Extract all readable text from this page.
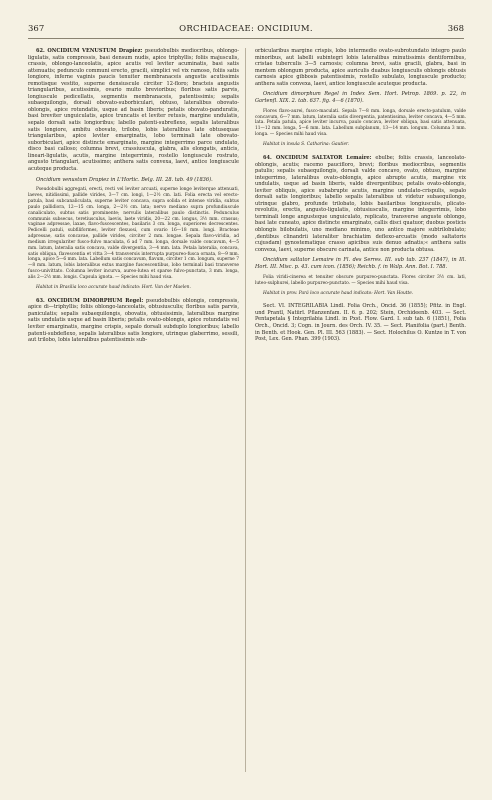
367	ORCHIDACEAE: ONCIDIUM.	368

62. ONCIDIUM VENUSTUM Drapiez: pseudobulbis mediocribus, oblongo-ligulatis, satis compressis, basi densum nudis, apice triphyllis; foliis majusculis, crassis, oblongo-lanceolatis, apice acutis vel leviter acuminatis, basi satis attenuatis; pedunculo communi erecto, gracili, simplici vel vix ramoso, foliis satis longiore, inferne vaginis paucis tenuiter membranaceis angustis acutissimis remotisque vestito, superne densiuscule circiter 12-floro; bracteis angustis triangularibus, acutissimis, ovario multo brevioribus; floribus satis parvis, longiuscule pedicellatis, segmentis membranaceis, patentissimis; sepalis subaequilongis, dorsali obovato-suborbiculari, obtuso, lateralibus obovato-oblongis, apice rotundatis, usque ad basin liberis; petalis obovato-panduratis, basi breviter unguiculatis, apice truncatis et leviter retusis, margine undulatis, sepalo dorsali satis longioribus; labello patenti-subreflexo, sepalis lateralibus satis longiore, ambitu obovato, trilobo, lobis lateralibus late obtusequae triangularibus, apice leviter emarginatis, lobo terminali late obovato-suborbiculari, apice distincte emarginato, margine integerrimo parce undulato, disco basi calloso; columna brevi, crassiuscula, glabra, alis elongatis, anticis, lineari-ligulatis, acutis, margine integerrimis, rostello longiuscule rostrato, angusto triangulari, acutissimo; anthera satis convexa, laevi, antice longiuscule acuteque producta.

Oncidium venustum Drapiez in L'Hortic. Belg. III. 28. tab. 49 (1836).

Pseudobulbi aggregati, erecti, recti vel leviter arcuati, superne longe leviterque attenuati, laeves, nitidissimi, pallide virides, 3—7 cm. longi, 1—2½ cm. lati. Folia erecta vel erecto-patula, basi subcanaliculata, superne leviter concava, supra solida et intense viridia, subtus paulo pallidiora, 12—15 cm. longa, 2—2½ cm. lata; nervo mediano supra profundiuscule canaliculato, subtus satis prominente; nervulis lateralibus paulo distinctis. Pedunculus communis subsecus, teretiusculus, laevis, laete viridis, 20—22 cm. longus, 3½ mm. crassus; vaginae adpressae, laxae, flavo-fuscescentes, basilaris 3 cm. longa, superiores decrescentes. Pedicelli patuli, subfiliformes, leviter flexuosi, cum ovario 16—18 mm. longi. Bracteae adpressae, satis concavae, pallide virides, circiter 2 mm. longae. Sepala flavo-viridia, ad medium irregulariter fusco-fulvo maculata, 6 ad 7 mm. longa, dorsale valde concavum, 4—5 mm. latum, lateralia satis concava, valde divergentia, 3—4 mm. lata. Petala lateralia, concava, satis obliqua, flavescentia et vitta 3—4 transversis interrupta purpureo-fusca ornata, 8—9 mm. longa, apice 5—6 mm. lata. Labellum satis concavum, flavum, circiter 1 cm. longum, superne 7—8 mm. latum, lobis lateralibus extus margine fuscescentibus, lobo terminali basi transverse fusco-univittato. Columna leviter incurva, aureo-lutea et sparse fulvo-punctata, 3 mm. longa, alis 2—2½ mm. longis. Capsula ignota. — Species mihi haud visa.

Habitat in Brasilia loco accurate haud indicato: Hort. Van der Maelen.

63. ONCIDIUM DIMORPHUM Regel: pseudobulbis oblongis, compressis, apice di—triphyllis; foliis oblongo-lanceolatis, obtusiusculis; floribus satis parvis, paniculatis; sepalis subaequilongis, obovatis, obtusissimis, lateralibus margine satis undulatis usque ad basin liberis; petalis ovato-oblongis, apice rotundatis vel leviter emarginatis, margine crispis, sepalo dorsali subduplo longioribus; labello patenti-subdeflexo, sepalis lateralibus satis longiore, utrinque glaberrimo, sessili, aut trilobo, lobis lateralibus patentissimis sub-

orbicularibus margine crispis, lobo intermedio ovato-subrotundato integro paulo minoribus, aut labelli subintegri lobis lateralibus minutissimis dentiformibus, cristae tuberculis 3—5 carnosis; columna brevi, satis gracili, glabra, basi in mentem oblongum producta, apice auriculis duabus longiusculis oblongis obtusis carnosis apice gibbosis patentissimis, rostello subulato, longiuscule producto; anthera satis convexa, laevi, antice longiuscule acuteque producta.

Oncidium dimorphum Regel in Index Sem. Hort. Petrop. 1869. p. 22, in Gartenfl. XIX. 2. tab. 637. fig. 4—6 (1870).

Flores flavo-aurei, fusco-maculati. Sepala 7—8 mm. longa, dorsale erecto-patulum, valde concavum, 6—7 mm. latum, lateralia satis divergentia, patentissima, leviter concava, 4—5 mm. lata. Petala patula, apice leviter incurva, paulo concava, leviter obliqua, basi satis attenuata, 11—12 mm. longa, 5—6 mm. lata. Labellum subplanum, 13—14 mm. longum. Columna 3 mm. longa. — Species mihi haud visa.

Habitat in insula S. Catharina: Gautier.

64. ONCIDIUM SALTATOR Lemaire: ebulbe; foliis crassis, lanceolato-oblongis, acutis; racemo paucifloro, brevi; floribus mediocribus, segmentis patulis; sepalis subaequilongis, dorsali valde concavo, ovato, obtuso, margine integerrimo, lateralibus ovato-oblongis, apice abrupte acutis, margine vix undulatis, usque ad basin liberis, valde divergentibus; petalis ovato-oblongis, leviter obliquis, apice subabrupte acutis, margine undulato-crispulis, sepalo dorsali satis longioribus; labello sepalis lateralibus ut videtur subaequilongo, utrinque glabro, profunde trilobato, lobis basilaribus longiusculis, plicato-revolutis, erectis, angusto-ligulatis, obtusiusculis, margine integerrimis, lobo terminali longe angusteque unguiculato, replicato, transverse anguste oblongo, basi late cuneato, apice distincte emarginato, callis disci quatuor, duobus posticis oblongis bilobulatis, uno mediano minimo, uno antico majore subtrilobulato; ,dentibus clinandrii lateraliter brachiatim deflexo-arcuatis (modo saltatoris cujusdam) gynostematique crasso apicibus suis denuo adnatis;« anthera satis convexa, laevi, superne obscure carinata, antice non producta obtusa.

Oncidium saltator Lemaire in Fl. des Serres. III. sub tab. 237 (1847), in Ill. Hort. III. Misc. p. 43. cum icon. (1856); Reichb. f. in Walp. Ann. Bot. I. 788.

Folia viridi-cinerea et tenuiter obscure purpureo-punctata. Flores circiter 3½ cm. lati, luteo-sulphurei, labello purpureo-punctato. — Species mihi haud visa.

Habitat in prov. Pará loco accurate haud indicato: Hort. Van Houtte.

Sect. VI. INTEGRILABIA Lindl. Folia Orch., Oncid. 36 (1855); Pfitz. in Engl. und Prantl, Natürl. Pflanzenfam. II. 6. p. 202; Stein, Orchideenb. 403. — Sect. Pentapetala § Integrilabia Lindl. in Pxst. Flow. Gard. I. sub tab. 6 (1851), Folia Orch., Oncid. 3; Cogn. in Journ. des Orch. IV. 35. — Sect. Planifolia (part.) Benth. in Benth. et Hook. Gen. Pl. III. 563 (1883). — Sect. Holochilus O. Kuntze in T. von Post, Lex. Gen. Phan. 399 (1903).
